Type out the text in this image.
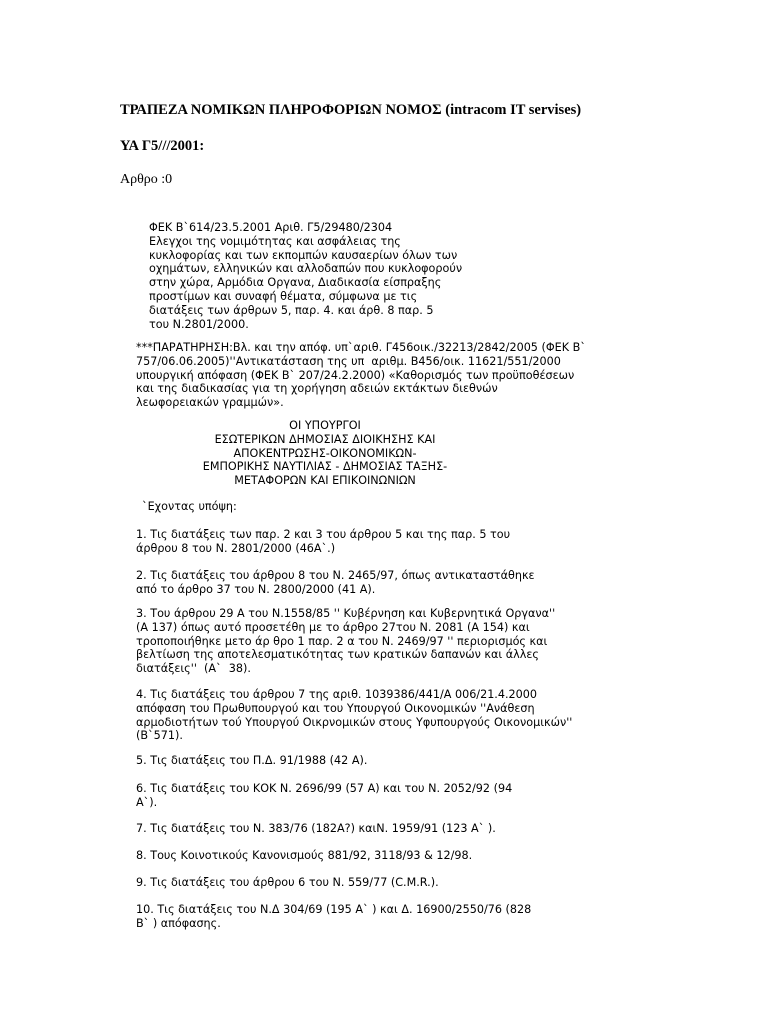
ΤΡΑΠΕΖΑ ΝΟΜΙΚΩΝ ΠΛΗΡΟΦΟΡΙΩΝ ΝΟΜΟΣ (intracom IT servises)
ΥΑ Γ5///2001:
Αρθρο :0
ΦΕΚ Β`614/23.5.2001 Αριθ. Γ5/29480/2304
Ελεγχοι της νομιμότητας και ασφάλειας της
κυκλοφορίας και των εκπομπών καυσαερίων όλων των
οχημάτων, ελληνικών και αλλοδαπών που κυκλοφορούν
στην χώρα, Αρμόδια Οργανα, Διαδικασία είσπραξης
προστίμων και συναφή θέματα, σύμφωνα με τις
διατάξεις των άρθρων 5, παρ. 4. και άρθ. 8 παρ. 5
του Ν.2801/2000.
***ΠΑΡΑΤΗΡΗΣΗ:Βλ. και την απόφ. υπ`αριθ. Γ456οικ./32213/2842/2005 (ΦΕΚ Β`
757/06.06.2005)''Αντικατάσταση της υπ  αριθμ. Β456/οικ. 11621/551/2000
υπουργική απόφαση (ΦΕΚ Β` 207/24.2.2000) «Καθορισμός των προϋποθέσεων
και της διαδικασίας για τη χορήγηση αδειών εκτάκτων διεθνών
λεωφορειακών γραμμών».
ΟΙ ΥΠΟΥΡΓΟΙ
ΕΣΩΤΕΡΙΚΩΝ ΔΗΜΟΣΙΑΣ ΔΙΟΙΚΗΣΗΣ ΚΑΙ
ΑΠΟΚΕΝΤΡΩΣΗΣ-ΟΙΚΟΝΟΜΙΚΩΝ-
ΕΜΠΟΡΙΚΗΣ ΝΑΥΤΙΛΙΑΣ - ΔΗΜΟΣΙΑΣ ΤΑΞΗΣ-
ΜΕΤΑΦΟΡΩΝ ΚΑΙ ΕΠΙΚΟΙΝΩΝΙΩΝ
`Εχοντας υπόψη:
1. Τις διατάξεις των παρ. 2 και 3 του άρθρου 5 και της παρ. 5 του
άρθρου 8 του Ν. 2801/2000 (46Α`.)
2. Τις διατάξεις του άρθρου 8 του Ν. 2465/97, όπως αντικαταστάθηκε
από το άρθρο 37 του Ν. 2800/2000 (41 Α).
3. Του άρθρου 29 Α του Ν.1558/85 '' Κυβέρνηση και Κυβερνητικά Οργανα''
(Α 137) όπως αυτό προσετέθη με το άρθρο 27του Ν. 2081 (Α 154) και
τροποποιήθηκε μετο άρ θρο 1 παρ. 2 α του Ν. 2469/97 '' περιορισμός και
βελτίωση της αποτελεσματικότητας των κρατικών δαπανών και άλλες
διατάξεις''  (Α`  38).
4. Τις διατάξεις του άρθρου 7 της αριθ. 1039386/441/Α 006/21.4.2000
απόφαση του Πρωθυπουργού και του Υπουργού Οικονομικών ''Ανάθεση
αρμοδιοτήτων τού Υπουργού Οικρνομικών στους Υφυπουργούς Οικονομικών''
(Β`571).
5. Τις διατάξεις του Π.Δ. 91/1988 (42 Α).
6. Τις διατάξεις του ΚΟΚ Ν. 2696/99 (57 Α) και του Ν. 2052/92 (94
Α`).
7. Τις διατάξεις του Ν. 383/76 (182Α?) καιΝ. 1959/91 (123 Α` ).
8. Τους Κοινοτικούς Κανονισμούς 881/92, 3118/93 & 12/98.
9. Τις διατάξεις του άρθρου 6 του Ν. 559/77 (C.M.R.).
10. Τις διατάξεις του Ν.Δ 304/69 (195 Α` ) και Δ. 16900/2550/76 (828
Β` ) απόφασης.
